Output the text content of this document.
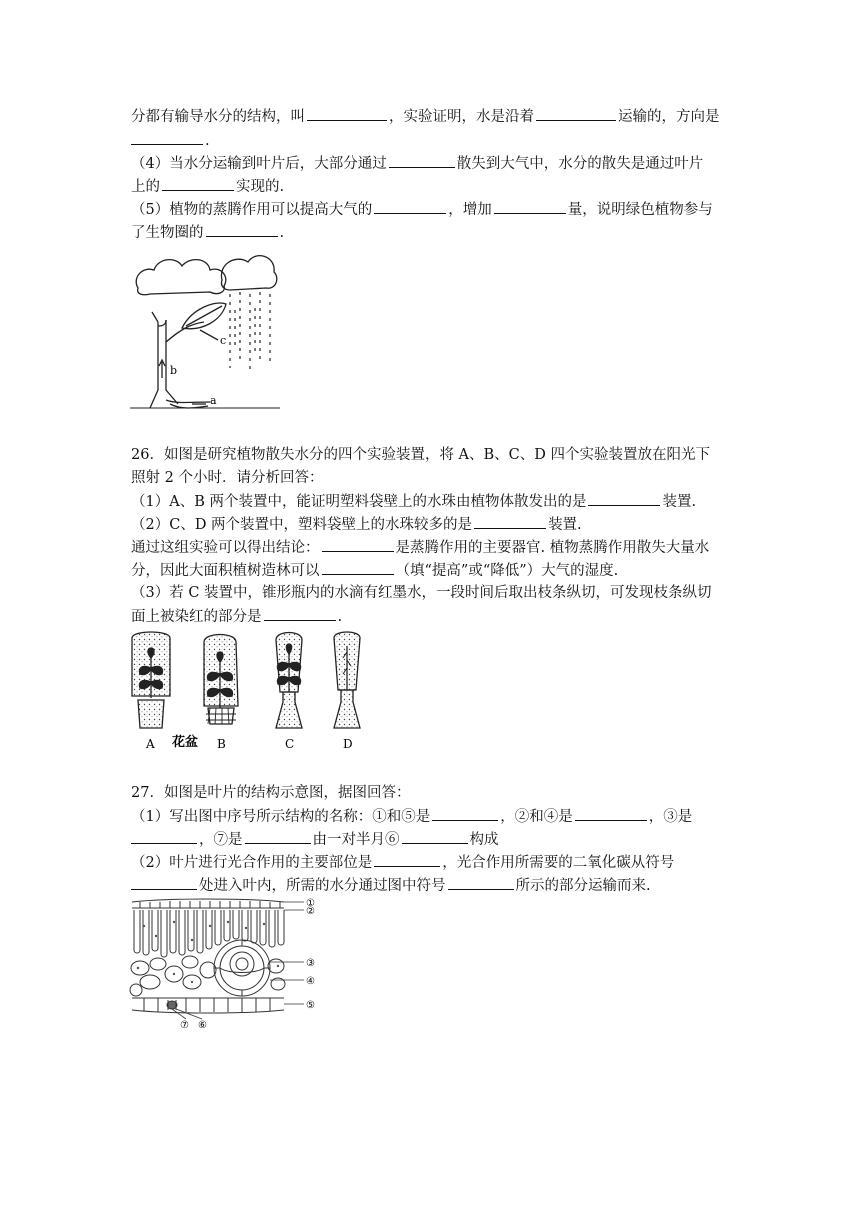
分都有输导水分的结构，叫	，实验证明，水是沿着	运输的，方向是
.
（4）当水分运输到叶片后，大部分通过	散失到大气中，水分的散失是通过叶片
上的	实现的.
（5）植物的蒸腾作用可以提高大气的	，增加	量，说明绿色植物参与
了生物圈的	.
a
b
c
26．如图是研究植物散失水分的四个实验装置，将 A、B、C、D 四个实验装置放在阳光下
照射 2 个小时．请分析回答：
（1）A、B 两个装置中，能证明塑料袋壁上的水珠由植物体散发出的是	装置.
（2）C、D 两个装置中，塑料袋壁上的水珠较多的是	装置.
通过这组实验可以得出结论：	是蒸腾作用的主要器官. 植物蒸腾作用散失大量水
分，因此大面积植树造林可以	（填“提高”或“降低”）大气的湿度.
（3）若 C 装置中，锥形瓶内的水滴有红墨水，一段时间后取出枝条纵切，可发现枝条纵切
面上被染红的部分是	.
A 花盆 B	C	D
27．如图是叶片的结构示意图，据图回答：
（1）写出图中序号所示结构的名称：①和⑤是	，②和④是	，③是
，⑦是	由一对半月⑥	构成
（2）叶片进行光合作用的主要部位是	，光合作用所需要的二氧化碳从符号
处进入叶内，所需的水分通过图中符号	所示的部分运输而来.
①
②
③
④
⑤
⑦ ⑥
